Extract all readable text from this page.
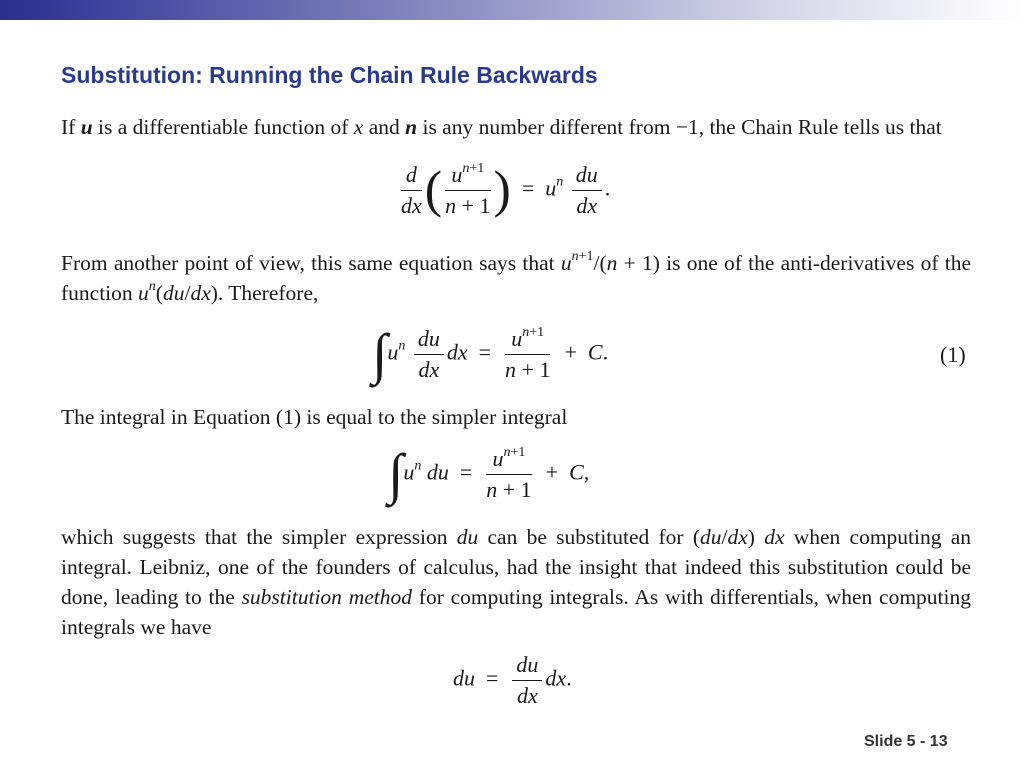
Substitution: Running the Chain Rule Backwards

If u is a differentiable function of x and n is any number different from −1, the Chain Rule tells us that

$\frac{d}{dx}$ ( $\frac{u^{n+1}}{n + 1}$ )  =  $u^n \frac{du}{dx}$ .

From another point of view, this same equation says that $u^{n+1}/(n + 1)$ is one of the anti-derivatives of the function $u^n(du/dx)$. Therefore,

$\int u^n \frac{du}{dx}$ dx  = $\frac{u^{n+1}}{n + 1} + C$.	(1)

The integral in Equation (1) is equal to the simpler integral

$\int u^n$ du  = $\frac{u^{n+1}}{n + 1} + C$,

which suggests that the simpler expression du can be substituted for (du/dx) dx when computing an integral. Leibniz, one of the founders of calculus, had the insight that indeed this substitution could be done, leading to the substitution method for computing integrals. As with differentials, when computing integrals we have

du  = $\frac{du}{dx}$ dx.
Slide 5 - 13
